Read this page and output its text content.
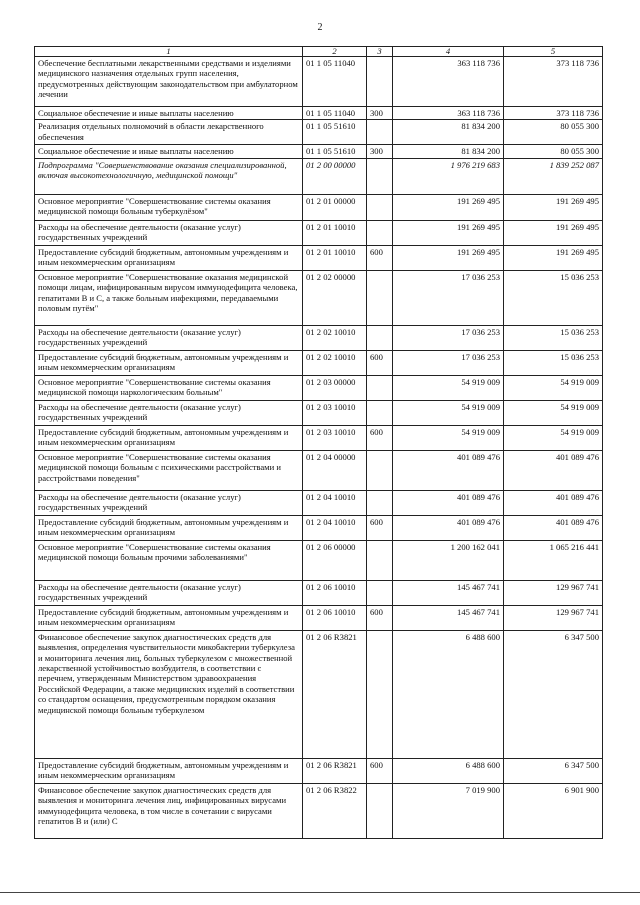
2
1	2	3	4	5
Обеспечение бесплатными лекарственными средствами и изделиями медицинского назначения отдельных групп населения, предусмотренных действующим законодательством при амбулаторном лечении	01 1 05 11040		363 118 736	373 118 736
Социальное обеспечение и иные выплаты населению	01 1 05 11040	300	363 118 736	373 118 736
Реализация отдельных полномочий в области лекарственного обеспечения	01 1 05 51610		81 834 200	80 055 300
Социальное обеспечение и иные выплаты населению	01 1 05 51610	300	81 834 200	80 055 300
Подпрограмма "Совершенствование оказания специализированной, включая высокотехнологичную, медицинской помощи"	01 2 00 00000		1 976 219 683	1 839 252 087
Основное мероприятие "Совершенствование системы оказания медицинской помощи больным туберкулёзом"	01 2 01 00000		191 269 495	191 269 495
Расходы на обеспечение деятельности (оказание услуг) государственных учреждений	01 2 01 10010		191 269 495	191 269 495
Предоставление субсидий бюджетным, автономным учреждениям и иным некоммерческим организациям	01 2 01 10010	600	191 269 495	191 269 495
Основное мероприятие "Совершенствование оказания медицинской помощи лицам, инфицированным вирусом иммунодефицита человека, гепатитами В и С, а также больным инфекциями, передаваемыми половым путём"	01 2 02 00000		17 036 253	15 036 253
Расходы на обеспечение деятельности (оказание услуг) государственных учреждений	01 2 02 10010		17 036 253	15 036 253
Предоставление субсидий бюджетным, автономным учреждениям и иным некоммерческим организациям	01 2 02 10010	600	17 036 253	15 036 253
Основное мероприятие "Совершенствование системы оказания медицинской помощи наркологическим больным"	01 2 03 00000		54 919 009	54 919 009
Расходы на обеспечение деятельности (оказание услуг) государственных учреждений	01 2 03 10010		54 919 009	54 919 009
Предоставление субсидий бюджетным, автономным учреждениям и иным некоммерческим организациям	01 2 03 10010	600	54 919 009	54 919 009
Основное мероприятие "Совершенствование системы оказания медицинской помощи больным с психическими расстройствами и расстройствами поведения"	01 2 04 00000		401 089 476	401 089 476
Расходы на обеспечение деятельности (оказание услуг) государственных учреждений	01 2 04 10010		401 089 476	401 089 476
Предоставление субсидий бюджетным, автономным учреждениям и иным некоммерческим организациям	01 2 04 10010	600	401 089 476	401 089 476
Основное мероприятие "Совершенствование системы оказания медицинской помощи больным прочими заболеваниями"	01 2 06 00000		1 200 162 041	1 065 216 441
Расходы на обеспечение деятельности (оказание услуг) государственных учреждений	01 2 06 10010		145 467 741	129 967 741
Предоставление субсидий бюджетным, автономным учреждениям и иным некоммерческим организациям	01 2 06 10010	600	145 467 741	129 967 741
Финансовое обеспечение закупок диагностических средств для выявления, определения чувствительности микобактерии туберкулеза и мониторинга лечения лиц, больных туберкулезом с множественной лекарственной устойчивостью возбудителя, в соответствии с перечнем, утвержденным Министерством здравоохранения Российской Федерации, а также медицинских изделий в соответствии со стандартом оснащения, предусмотренным порядком оказания медицинской помощи больным туберкулезом	01 2 06 R3821		6 488 600	6 347 500
Предоставление субсидий бюджетным, автономным учреждениям и иным некоммерческим организациям	01 2 06 R3821	600	6 488 600	6 347 500
Финансовое обеспечение закупок диагностических средств для выявления и мониторинга лечения лиц, инфицированных вирусами иммунодефицита человека, в том числе в сочетании с вирусами гепатитов В и (или) С	01 2 06 R3822		7 019 900	6 901 900
